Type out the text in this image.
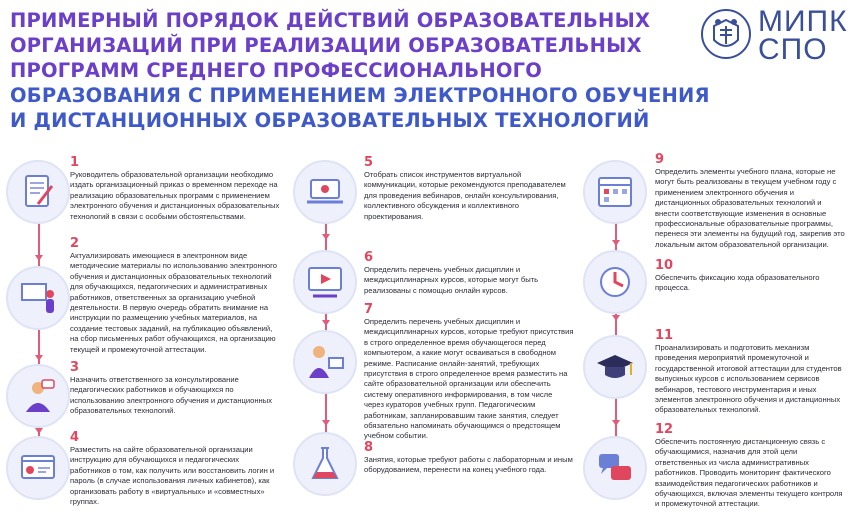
ПРИМЕРНЫЙ ПОРЯДОК ДЕЙСТВИЙ ОБРАЗОВАТЕЛЬНЫХ
ОРГАНИЗАЦИЙ ПРИ РЕАЛИЗАЦИИ ОБРАЗОВАТЕЛЬНЫХ
ПРОГРАММ СРЕДНЕГО ПРОФЕССИОНАЛЬНОГО
ОБРАЗОВАНИЯ С ПРИМЕНЕНИЕМ ЭЛЕКТРОННОГО ОБУЧЕНИЯ
И ДИСТАНЦИОННЫХ ОБРАЗОВАТЕЛЬНЫХ ТЕХНОЛОГИЙ
МИПК
СПО
1
Руководитель образовательной организации необходимо издать организационный приказ о временном переходе на реализацию образовательных программ с применением электронного обучения и дистанционных образовательных технологий в связи с особыми обстоятельствами.
2
Актуализировать имеющиеся в электронном виде методические материалы по использованию электронного обучения и дистанционных образовательных технологий для обучающихся, педагогических и административных работников, ответственных за организацию учебной деятельности. В первую очередь обратить внимание на инструкции по размещению учебных материалов, на создание тестовых заданий, на публикацию объявлений, на сбор письменных работ обучающихся, на организацию текущей и промежуточной аттестации.
3
Назначить ответственного за консультирование педагогических работников и обучающихся по использованию электронного обучения и дистанционных образовательных технологий.
4
Разместить на сайте образовательной организации инструкцию для обучающихся и педагогических работников о том, как получить или восстановить логин и пароль (в случае использования личных кабинетов), как организовать работу в «виртуальных» и «совместных» группах.
5
Отобрать список инструментов виртуальной коммуникации, которые рекомендуются преподавателем для проведения вебинаров, онлайн консультирования, коллективного обсуждения и коллективного проектирования.
6
Определить перечень учебных дисциплин и междисциплинарных курсов, которые могут быть реализованы с помощью онлайн курсов.
7
Определить перечень учебных дисциплин и междисциплинарных курсов, которые требуют присутствия в строго определенное время обучающегося перед компьютером, а какие могут осваиваться в свободном режиме. Расписание онлайн-занятий, требующих присутствия в строго определенное время разместить на сайте образовательной организации или обеспечить систему оперативного информирования, в том числе через кураторов учебных групп. Педагогическим работникам, запланировавшим такие занятия, следует обязательно напоминать обучающимся о предстоящем учебном событии.
8
Занятия, которые требуют работы с лабораторным и иным оборудованием, перенести на конец учебного года.
9
Определить элементы учебного плана, которые не могут быть реализованы в текущем учебном году с применением электронного обучения и дистанционных образовательных технологий и внести соответствующие изменения в основные профессиональные образовательные программы, перенеся эти элементы на будущий год, закрепив это локальным актом образовательной организации.
10
Обеспечить фиксацию хода образовательного процесса.
11
Проанализировать и подготовить механизм проведения мероприятий промежуточной и государственной итоговой аттестации для студентов выпускных курсов с использованием сервисов вебинаров, тестового инструментария и иных элементов электронного обучения и дистанционных образовательных технологий.
12
Обеспечить постоянную дистанционную связь с обучающимися, назначив для этой цели ответственных из числа административных работников. Проводить мониторинг фактического взаимодействия педагогических работников и обучающихся, включая элементы текущего контроля и промежуточной аттестации.
